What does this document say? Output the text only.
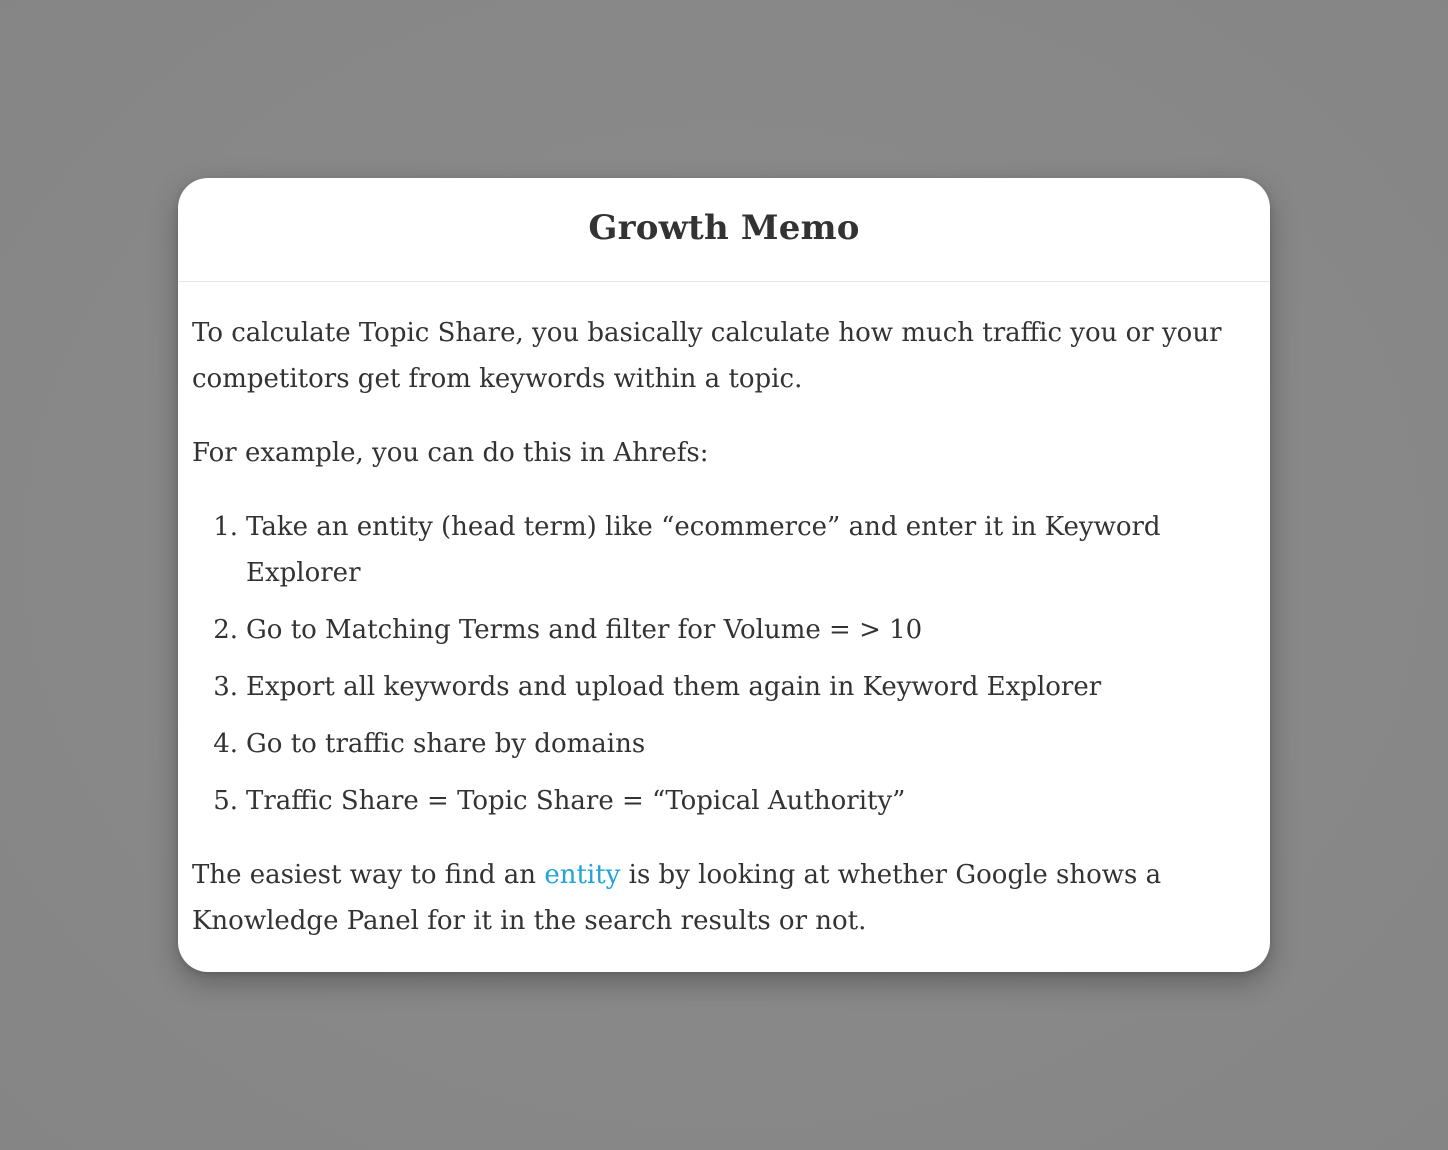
Growth Memo

To calculate Topic Share, you basically calculate how much traffic you or your competitors get from keywords within a topic.

For example, you can do this in Ahrefs:

1. Take an entity (head term) like “ecommerce” and enter it in Keyword Explorer
2. Go to Matching Terms and filter for Volume = > 10
3. Export all keywords and upload them again in Keyword Explorer
4. Go to traffic share by domains
5. Traffic Share = Topic Share = “Topical Authority”

The easiest way to find an entity is by looking at whether Google shows a Knowledge Panel for it in the search results or not.
